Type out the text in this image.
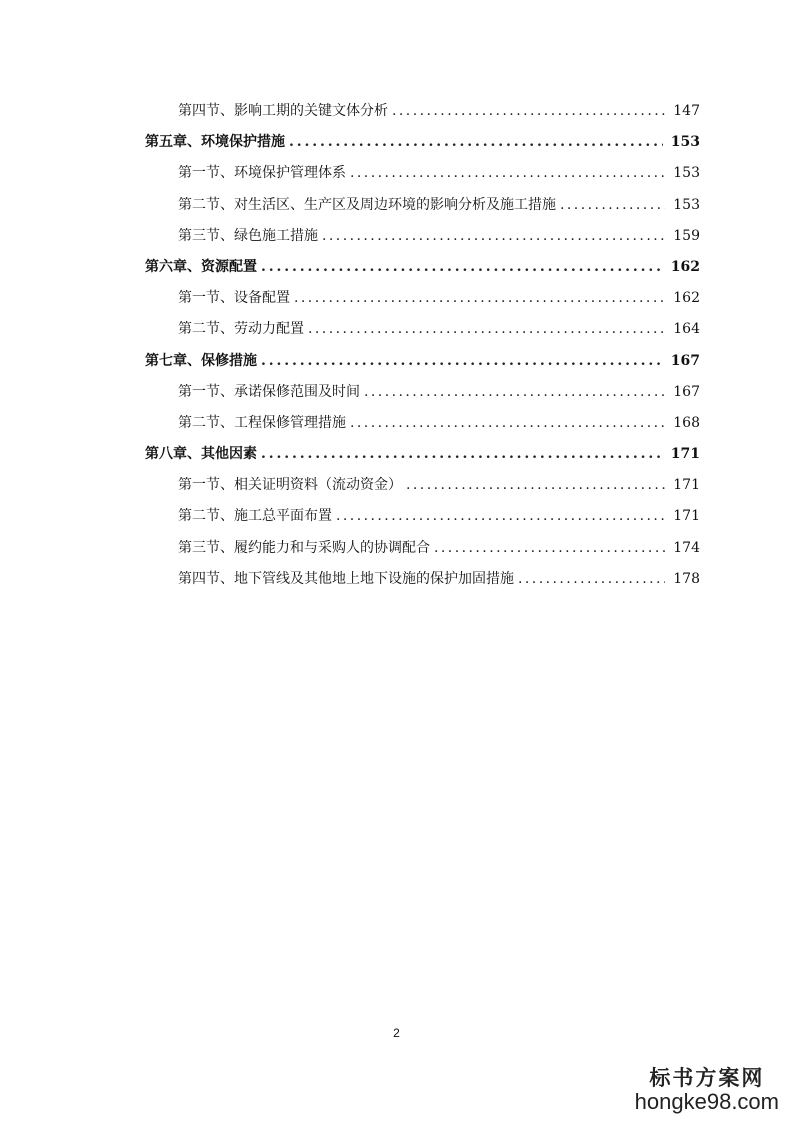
第四节、影响工期的关键文体分析 . . .	147
第五章、环境保护措施 . . .	153
第一节、环境保护管理体系 . . .	153
第二节、对生活区、生产区及周边环境的影响分析及施工措施 . . .	153
第三节、绿色施工措施 . . .	159
第六章、资源配置 . . .	162
第一节、设备配置 . . .	162
第二节、劳动力配置 . . .	164
第七章、保修措施 . . .	167
第一节、承诺保修范围及时间 . . .	167
第二节、工程保修管理措施 . . .	168
第八章、其他因素 . . .	171
第一节、相关证明资料（流动资金） . . .	171
第二节、施工总平面布置 . . .	171
第三节、履约能力和与采购人的协调配合 . . .	174
第四节、地下管线及其他地上地下设施的保护加固措施 . . .	178
2
标书方案网
hongke98.com
